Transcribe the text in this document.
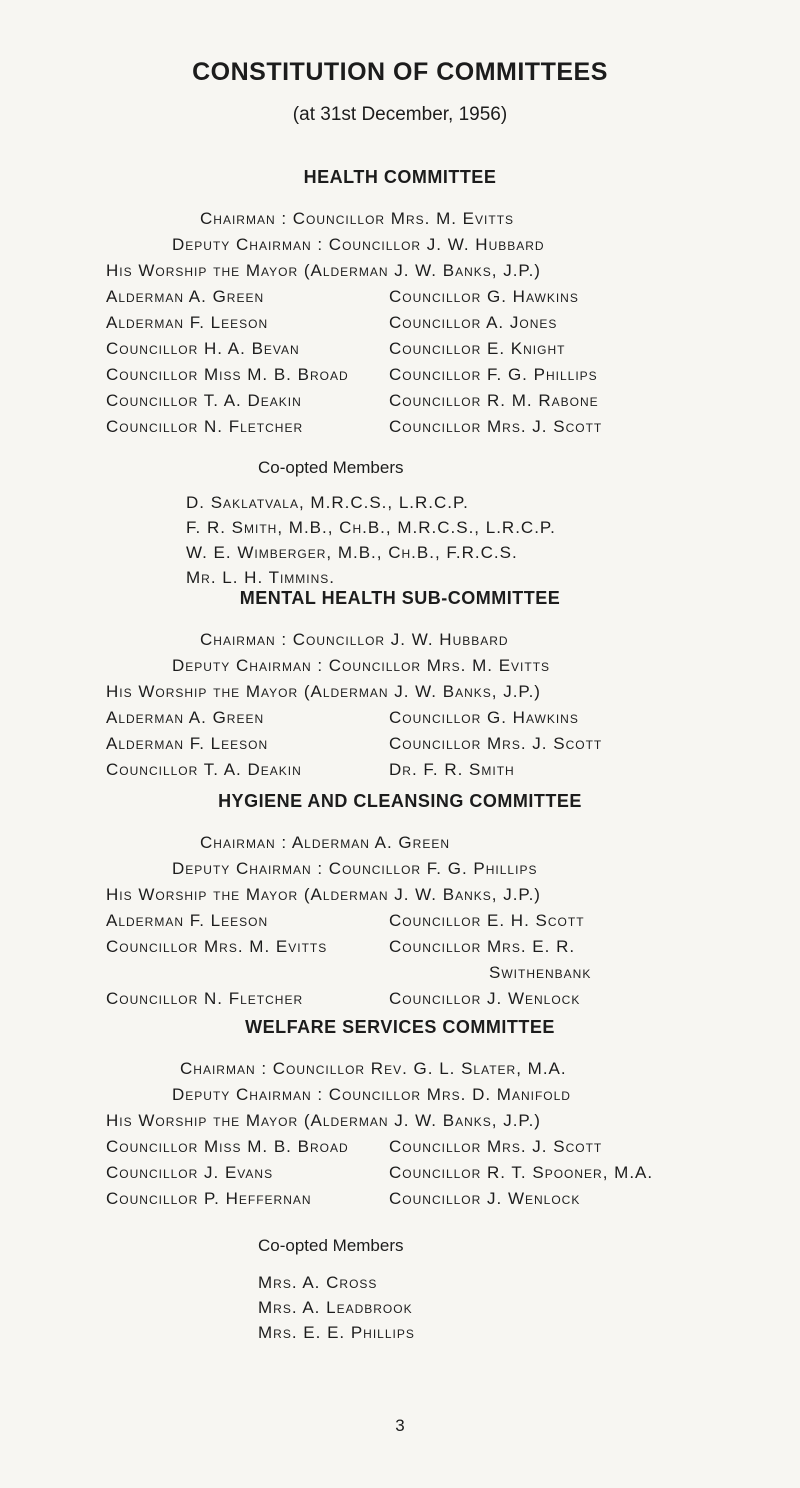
CONSTITUTION OF COMMITTEES
(at 31st December, 1956)
HEALTH COMMITTEE
Chairman : Councillor Mrs. M. Evitts
Deputy Chairman : Councillor J. W. Hubbard
His Worship the Mayor (Alderman J. W. Banks, J.P.)
Alderman A. Green	Councillor G. Hawkins
Alderman F. Leeson	Councillor A. Jones
Councillor H. A. Bevan	Councillor E. Knight
Councillor Miss M. B. Broad	Councillor F. G. Phillips
Councillor T. A. Deakin	Councillor R. M. Rabone
Councillor N. Fletcher	Councillor Mrs. J. Scott
Co-opted Members
D. Saklatvala, M.R.C.S., L.R.C.P.
F. R. Smith, M.B., Ch.B., M.R.C.S., L.R.C.P.
W. E. Wimberger, M.B., Ch.B., F.R.C.S.
Mr. L. H. Timmins.
MENTAL HEALTH SUB-COMMITTEE
Chairman : Councillor J. W. Hubbard
Deputy Chairman : Councillor Mrs. M. Evitts
His Worship the Mayor (Alderman J. W. Banks, J.P.)
Alderman A. Green	Councillor G. Hawkins
Alderman F. Leeson	Councillor Mrs. J. Scott
Councillor T. A. Deakin	Dr. F. R. Smith
HYGIENE AND CLEANSING COMMITTEE
Chairman : Alderman A. Green
Deputy Chairman : Councillor F. G. Phillips
His Worship the Mayor (Alderman J. W. Banks, J.P.)
Alderman F. Leeson	Councillor E. H. Scott
Councillor Mrs. M. Evitts	Councillor Mrs. E. R.
Swithenbank
Councillor N. Fletcher	Councillor J. Wenlock
WELFARE SERVICES COMMITTEE
Chairman : Councillor Rev. G. L. Slater, M.A.
Deputy Chairman : Councillor Mrs. D. Manifold
His Worship the Mayor (Alderman J. W. Banks, J.P.)
Councillor Miss M. B. Broad	Councillor Mrs. J. Scott
Councillor J. Evans	Councillor R. T. Spooner, M.A.
Councillor P. Heffernan	Councillor J. Wenlock
Co-opted Members
Mrs. A. Cross
Mrs. A. Leadbrook
Mrs. E. E. Phillips
3
